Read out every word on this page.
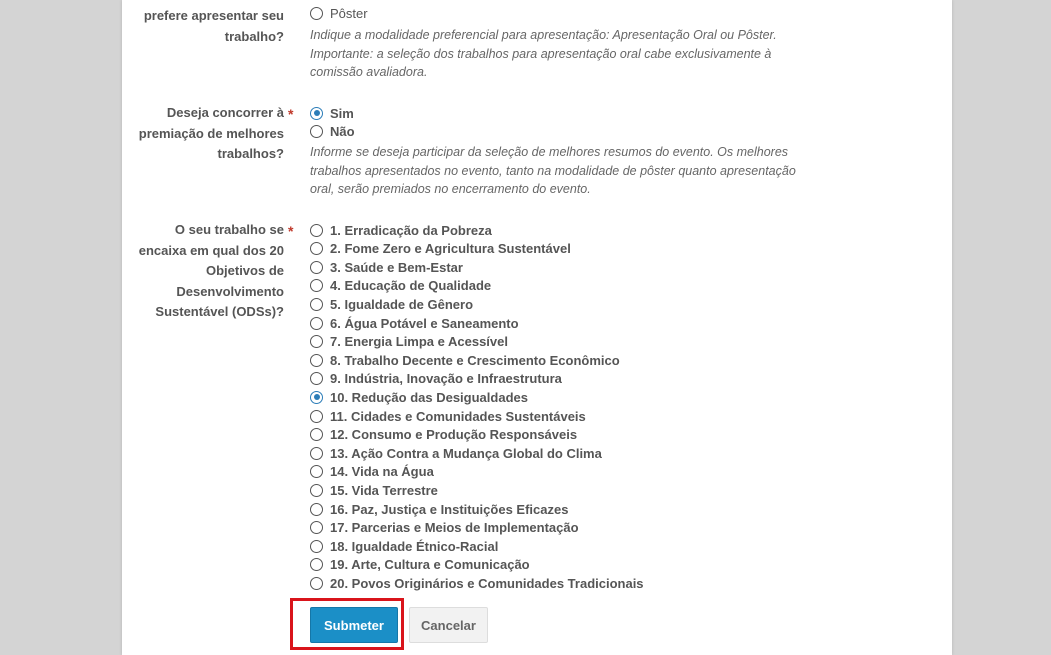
prefere apresentar seu
trabalho?
Pôster
Indique a modalidade preferencial para apresentação: Apresentação Oral ou Pôster. Importante: a seleção dos trabalhos para apresentação oral cabe exclusivamente à comissão avaliadora.
Deseja concorrer à
premiação de melhores
trabalhos?
*	Sim
Não
Informe se deseja participar da seleção de melhores resumos do evento. Os melhores trabalhos apresentados no evento, tanto na modalidade de pôster quanto apresentação oral, serão premiados no encerramento do evento.
O seu trabalho se
encaixa em qual dos 20
Objetivos de
Desenvolvimento
Sustentável (ODSs)?
*	1. Erradicação da Pobreza
2. Fome Zero e Agricultura Sustentável
3. Saúde e Bem-Estar
4. Educação de Qualidade
5. Igualdade de Gênero
6. Água Potável e Saneamento
7. Energia Limpa e Acessível
8. Trabalho Decente e Crescimento Econômico
9. Indústria, Inovação e Infraestrutura
10. Redução das Desigualdades
11. Cidades e Comunidades Sustentáveis
12. Consumo e Produção Responsáveis
13. Ação Contra a Mudança Global do Clima
14. Vida na Água
15. Vida Terrestre
16. Paz, Justiça e Instituições Eficazes
17. Parcerias e Meios de Implementação
18. Igualdade Étnico-Racial
19. Arte, Cultura e Comunicação
20. Povos Originários e Comunidades Tradicionais
Submeter	Cancelar
